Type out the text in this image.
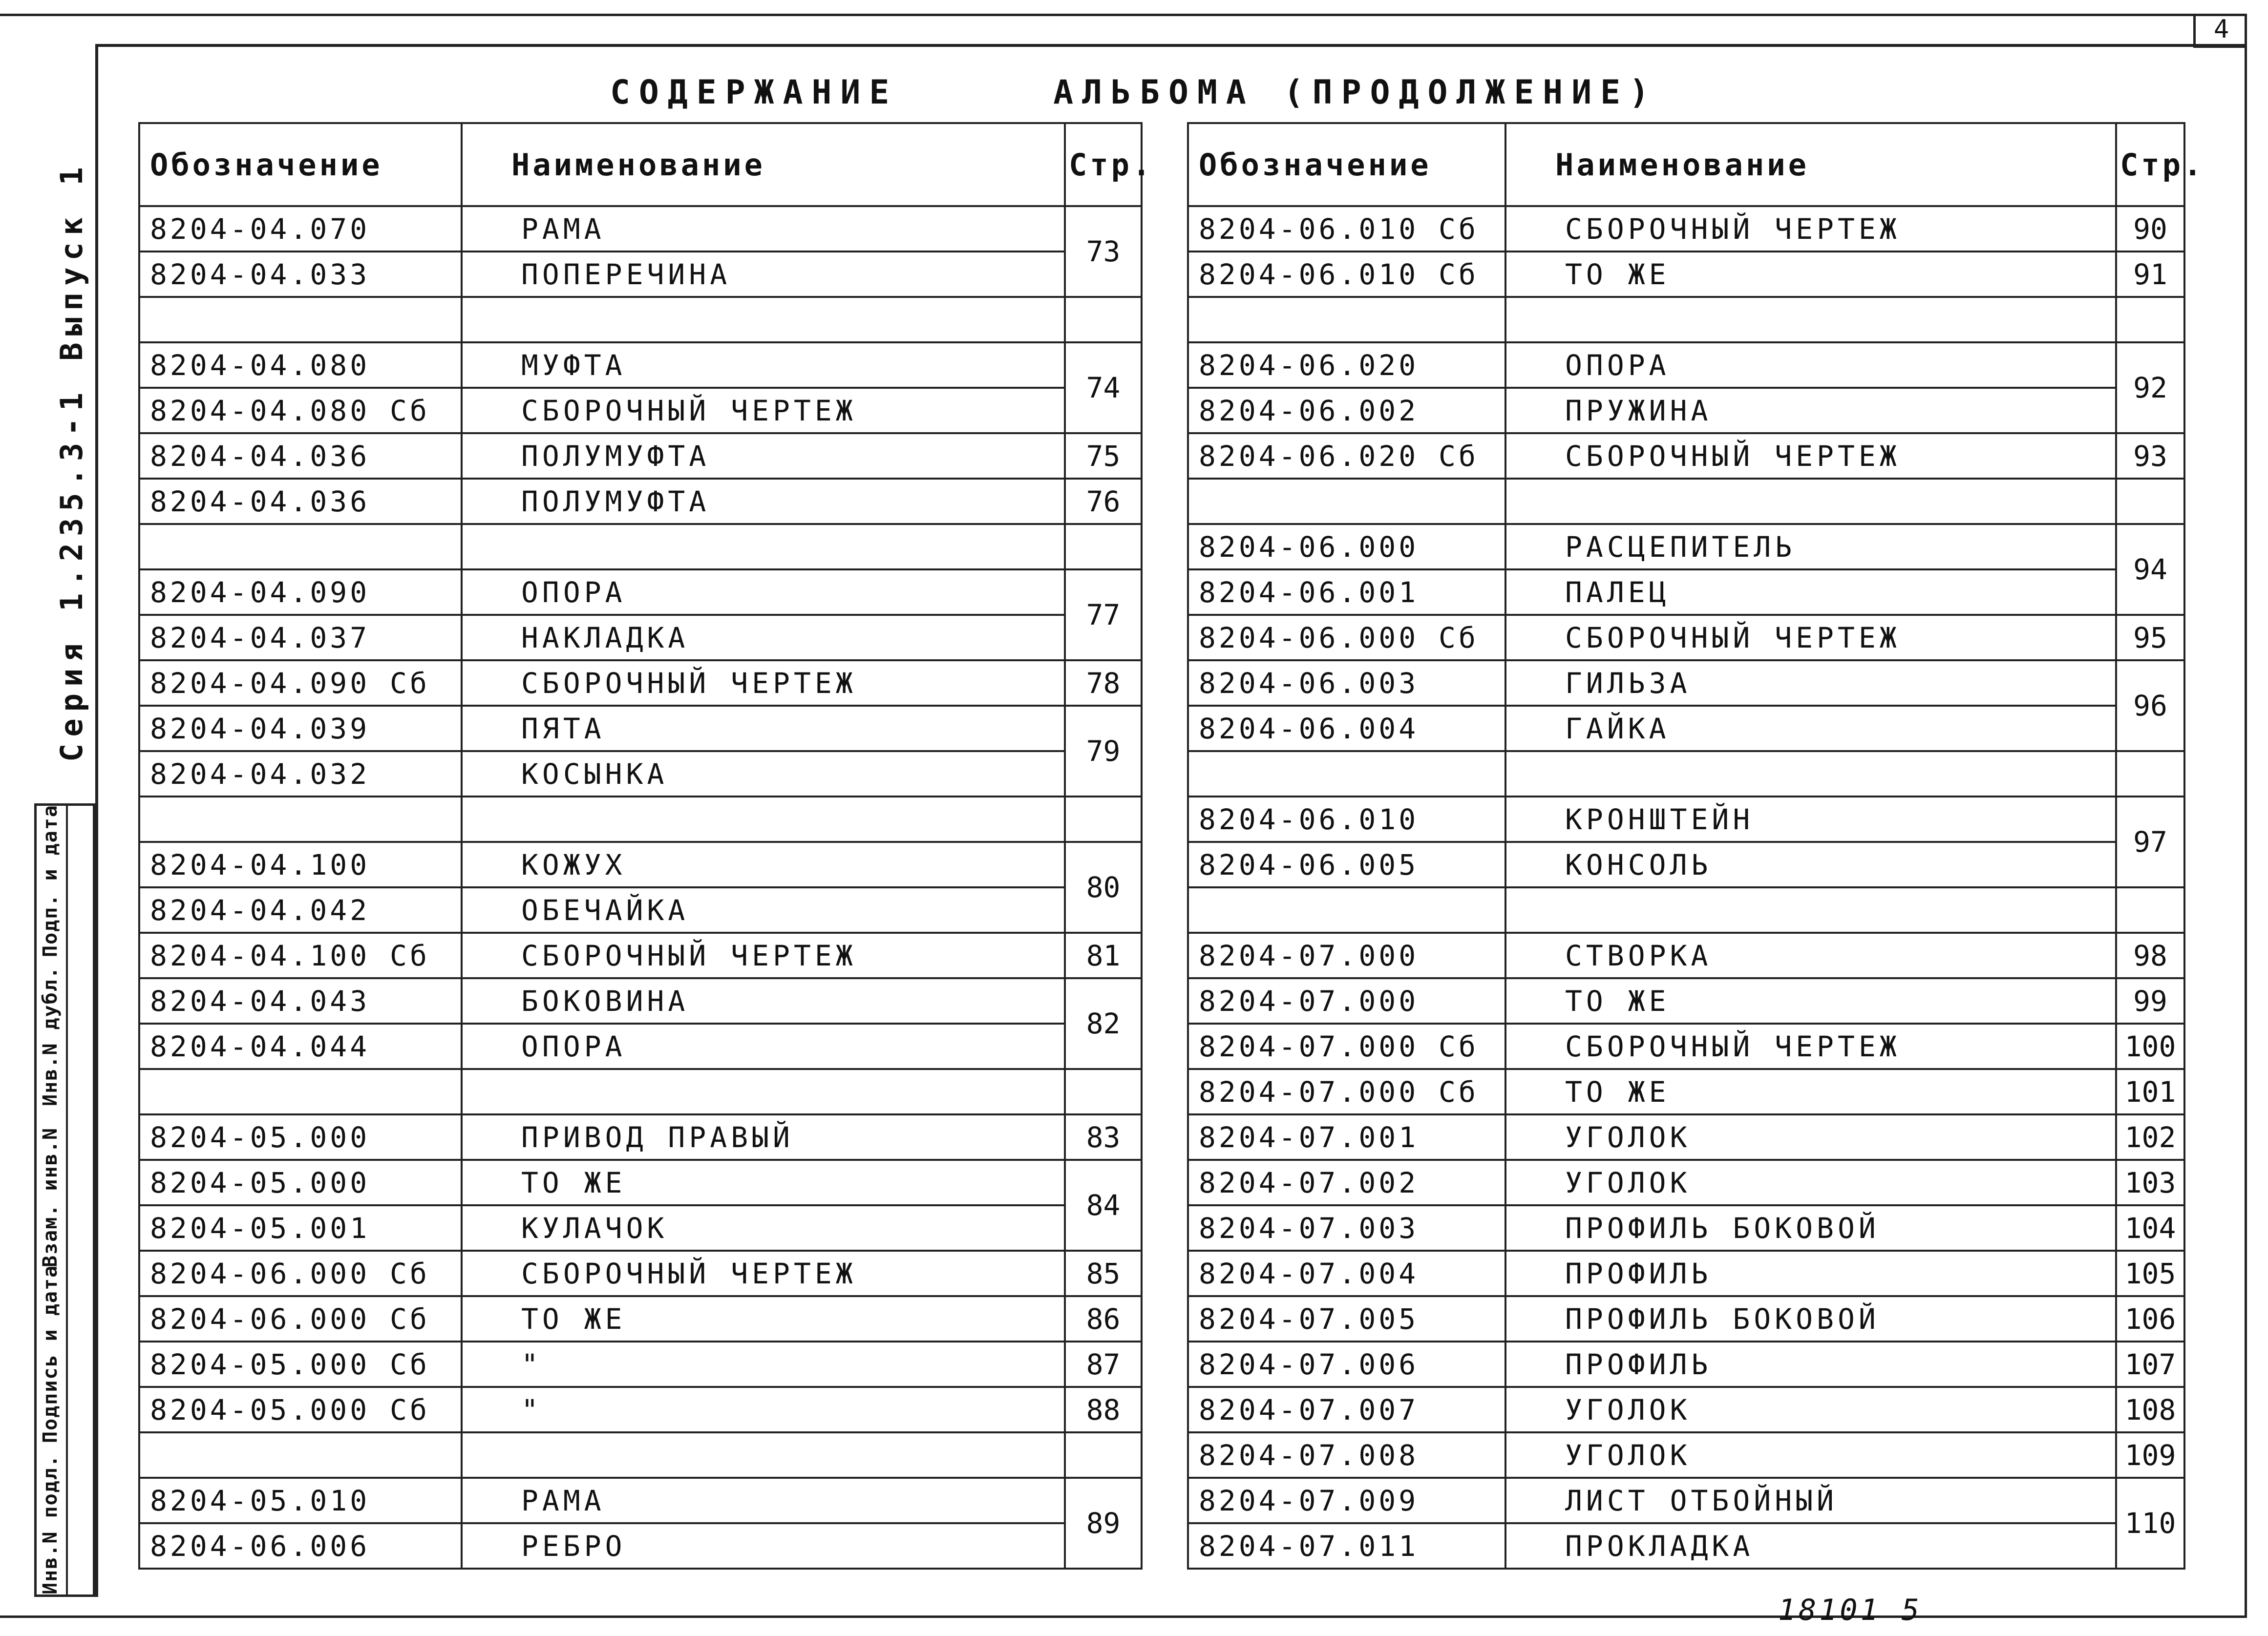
4
СОДЕРЖАНИЕ	АЛЬБОМА (ПРОДОЛЖЕНИЕ)
Обозначение	Наименование	Стр.
8204-04.070	РАМА	73
8204-04.033	ПОПЕРЕЧИНА	

8204-04.080	МУФТА	74
8204-04.080 Сб	СБОРОЧНЫЙ ЧЕРТЕЖ	
8204-04.036	ПОЛУМУФТА	75
8204-04.036	ПОЛУМУФТА	76

8204-04.090	ОПОРА	77
8204-04.037	НАКЛАДКА	
8204-04.090 Сб	СБОРОЧНЫЙ ЧЕРТЕЖ	78
8204-04.039	ПЯТА	79
8204-04.032	КОСЫНКА	

8204-04.100	КОЖУХ	80
8204-04.042	ОБЕЧАЙКА	
8204-04.100 Сб	СБОРОЧНЫЙ ЧЕРТЕЖ	81
8204-04.043	БОКОВИНА	82
8204-04.044	ОПОРА	

8204-05.000	ПРИВОД ПРАВЫЙ	83
8204-05.000	ТО ЖЕ	84
8204-05.001	КУЛАЧОК	
8204-06.000 Сб	СБОРОЧНЫЙ ЧЕРТЕЖ	85
8204-06.000 Сб	ТО ЖЕ	86
8204-05.000 Сб	"	87
8204-05.000 Сб	"	88

8204-05.010	РАМА	89
8204-06.006	РЕБРО	
Обозначение	Наименование	Стр.
8204-06.010 Сб	СБОРОЧНЫЙ ЧЕРТЕЖ	90
8204-06.010 Сб	ТО ЖЕ	91

8204-06.020	ОПОРА	92
8204-06.002	ПРУЖИНА	
8204-06.020 Сб	СБОРОЧНЫЙ ЧЕРТЕЖ	93

8204-06.000	РАСЦЕПИТЕЛЬ	94
8204-06.001	ПАЛЕЦ	
8204-06.000 Сб	СБОРОЧНЫЙ ЧЕРТЕЖ	95
8204-06.003	ГИЛЬЗА	96
8204-06.004	ГАЙКА	

8204-06.010	КРОНШТЕЙН	97
8204-06.005	КОНСОЛЬ	

8204-07.000	СТВОРКА	98
8204-07.000	ТО ЖЕ	99
8204-07.000 Сб	СБОРОЧНЫЙ ЧЕРТЕЖ	100
8204-07.000 Сб	ТО ЖЕ	101
8204-07.001	УГОЛОК	102
8204-07.002	УГОЛОК	103
8204-07.003	ПРОФИЛЬ БОКОВОЙ	104
8204-07.004	ПРОФИЛЬ	105
8204-07.005	ПРОФИЛЬ БОКОВОЙ	106
8204-07.006	ПРОФИЛЬ	107
8204-07.007	УГОЛОК	108
8204-07.008	УГОЛОК	109
8204-07.009	ЛИСТ ОТБОЙНЫЙ	110
8204-07.011	ПРОКЛАДКА	
Серия 1.235.3-1 Выпуск 1
Инв.N подл.
Подпись и дата
Взам. инв.N
Инв.N дубл.
Подп. и дата
18101 5
